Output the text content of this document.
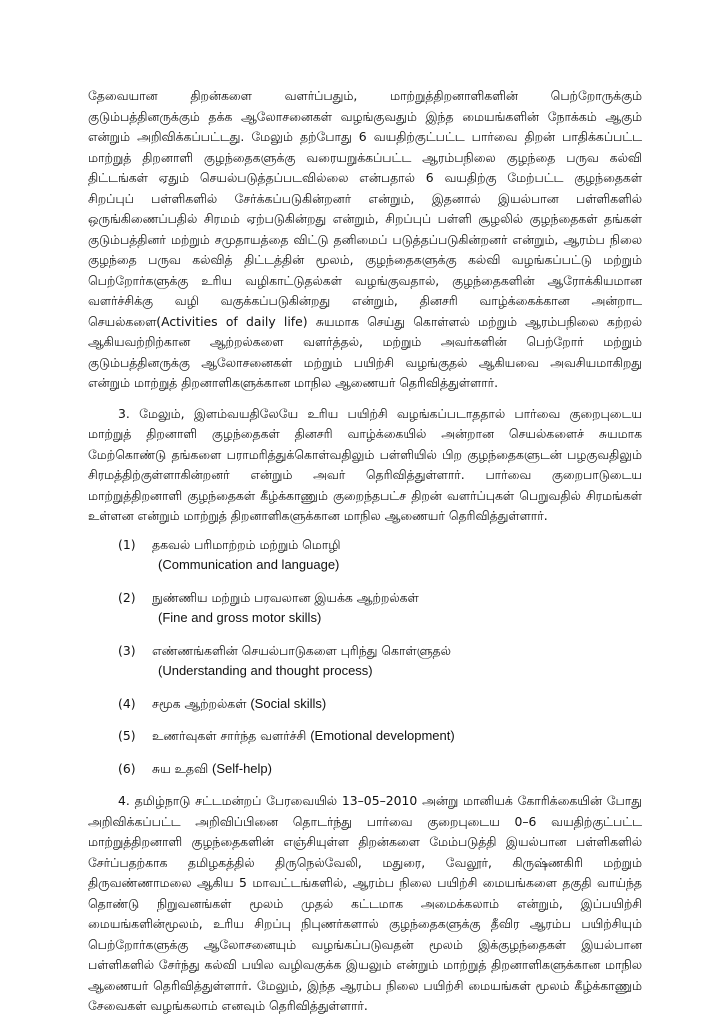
தேவையான திறன்களை வளர்ப்பதும், மாற்றுத்திறனாளிகளின் பெற்றோருக்கும் குடும்பத்தினருக்கும் தக்க ஆலோசனைகள் வழங்குவதும் இந்த மையங்களின் நோக்கம் ஆகும் என்றும் அறிவிக்கப்பட்டது. மேலும் தற்போது 6 வயதிற்குட்பட்ட பார்வை திறன் பாதிக்கப்பட்ட மாற்றுத் திறனாளி குழந்தைகளுக்கு வரையறுக்கப்பட்ட ஆரம்பநிலை குழந்தை பருவ கல்வி திட்டங்கள் ஏதும் செயல்படுத்தப்படவில்லை என்பதால் 6 வயதிற்கு மேற்பட்ட குழந்தைகள் சிறப்புப் பள்ளிகளில் சேர்க்கப்படுகின்றனர் என்றும், இதனால் இயல்பான பள்ளிகளில் ஒருங்கிணைப்பதில் சிரமம் ஏற்படுகின்றது என்றும், சிறப்புப் பள்ளி சூழலில் குழந்தைகள் தங்கள் குடும்பத்தினர் மற்றும் சமுதாயத்தை விட்டு தனிமைப் படுத்தப்படுகின்றனர் என்றும், ஆரம்ப நிலை குழந்தை பருவ கல்வித் திட்டத்தின் மூலம், குழந்தைகளுக்கு கல்வி வழங்கப்பட்டு மற்றும் பெற்றோர்களுக்கு உரிய வழிகாட்டுதல்கள் வழங்குவதால், குழந்தைகளின் ஆரோக்கியமான வளர்ச்சிக்கு வழி வகுக்கப்படுகின்றது என்றும், தினசரி வாழ்க்கைக்கான அன்றாட செயல்களை(Activities of daily life) சுயமாக செய்து கொள்ளல் மற்றும் ஆரம்பநிலை கற்றல் ஆகியவற்றிற்கான ஆற்றல்களை வளர்த்தல், மற்றும் அவர்களின் பெற்றோர் மற்றும் குடும்பத்தினருக்கு ஆலோசனைகள் மற்றும் பயிற்சி வழங்குதல் ஆகியவை அவசியமாகிறது என்றும் மாற்றுத் திறனாளிகளுக்கான மாநில ஆணையர் தெரிவித்துள்ளார்.

3. மேலும், இளம்வயதிலேயே உரிய பயிற்சி வழங்கப்படாததால் பார்வை குறைபுடைய மாற்றுத் திறனாளி குழந்தைகள் தினசரி வாழ்க்கையில் அன்றான செயல்களைச் சுயமாக மேற்கொண்டு தங்களை பராமரித்துக்கொள்வதிலும் பள்ளியில் பிற குழந்தைகளுடன் பழகுவதிலும் சிரமத்திற்குள்ளாகின்றனர் என்றும் அவர் தெரிவித்துள்ளார். பார்வை குறைபாடுடைய மாற்றுத்திறனாளி குழந்தைகள் கீழ்க்காணும் குறைந்தபட்ச திறன் வளர்ப்புகள் பெறுவதில் சிரமங்கள் உள்ளன என்றும் மாற்றுத் திறனாளிகளுக்கான மாநில ஆணையர் தெரிவித்துள்ளார்.

(1)	தகவல் பரிமாற்றம் மற்றும் மொழி
(Communication and language)
(2)	நுண்ணிய மற்றும் பரவலான இயக்க ஆற்றல்கள்
(Fine and gross motor skills)
(3)	எண்ணங்களின் செயல்பாடுகளை புரிந்து கொள்ளுதல்
(Understanding and thought process)
(4)	சமூக ஆற்றல்கள் (Social skills)
(5)	உணர்வுகள் சார்ந்த வளர்ச்சி (Emotional development)
(6)	சுய உதவி (Self-help)

4. தமிழ்நாடு சட்டமன்றப் பேரவையில் 13–05–2010 அன்று மானியக் கோரிக்கையின் போது அறிவிக்கப்பட்ட அறிவிப்பினை தொடர்ந்து பார்வை குறைபுடைய 0–6 வயதிற்குட்பட்ட மாற்றுத்திறனாளி குழந்தைகளின் எஞ்சியுள்ள திறன்களை மேம்படுத்தி இயல்பான பள்ளிகளில் சேர்ப்பதற்காக தமிழகத்தில் திருநெல்வேலி, மதுரை, வேலூர், கிருஷ்ணகிரி மற்றும் திருவண்ணாமலை ஆகிய 5 மாவட்டங்களில், ஆரம்ப நிலை பயிற்சி மையங்களை தகுதி வாய்ந்த தொண்டு நிறுவனங்கள் மூலம் முதல் கட்டமாக அமைக்கலாம் என்றும், இப்பயிற்சி மையங்களின்மூலம், உரிய சிறப்பு நிபுணர்களால் குழந்தைகளுக்கு தீவிர ஆரம்ப பயிற்சியும் பெற்றோர்களுக்கு ஆலோசனையும் வழங்கப்படுவதன் மூலம் இக்குழந்தைகள் இயல்பான பள்ளிகளில் சேர்ந்து கல்வி பயில வழிவகுக்க இயலும் என்றும் மாற்றுத் திறனாளிகளுக்கான மாநில ஆணையர் தெரிவித்துள்ளார். மேலும், இந்த ஆரம்ப நிலை பயிற்சி மையங்கள் மூலம் கீழ்க்காணும் சேவைகள் வழங்கலாம் எனவும் தெரிவித்துள்ளார்.
